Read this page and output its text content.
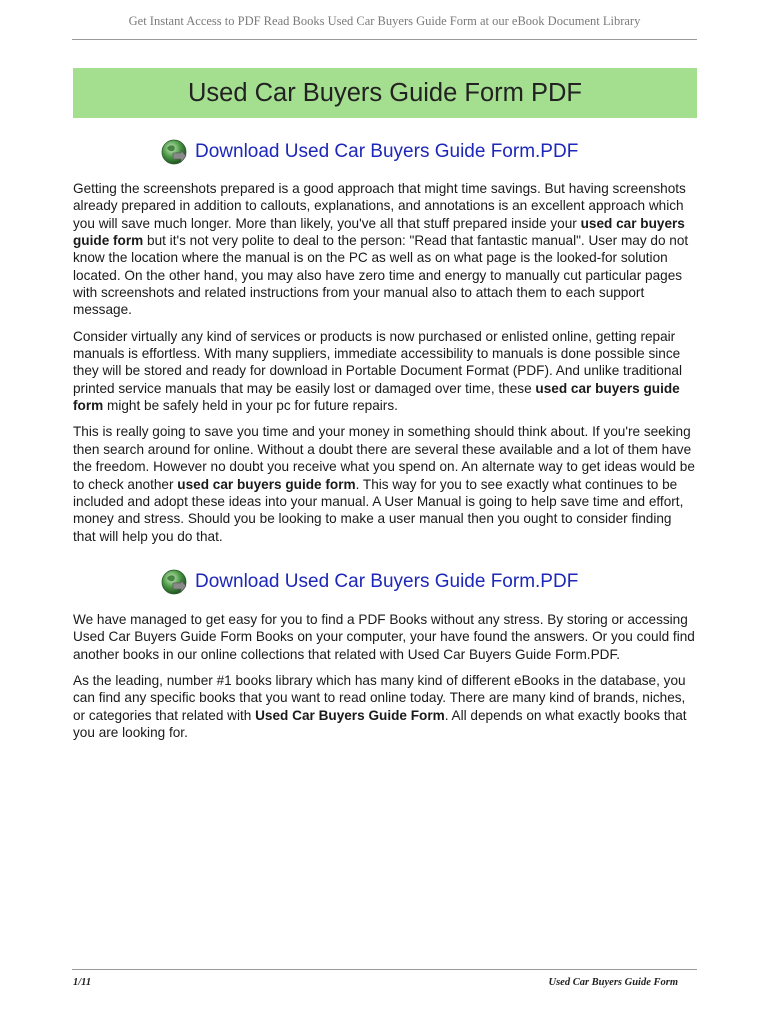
Get Instant Access to PDF Read Books Used Car Buyers Guide Form at our eBook Document Library
Used Car Buyers Guide Form PDF
Download Used Car Buyers Guide Form.PDF

Getting the screenshots prepared is a good approach that might time savings. But having screenshots already prepared in addition to callouts, explanations, and annotations is an excellent approach which you will save much longer. More than likely, you've all that stuff prepared inside your used car buyers guide form but it's not very polite to deal to the person: "Read that fantastic manual". User may do not know the location where the manual is on the PC as well as on what page is the looked-for solution located. On the other hand, you may also have zero time and energy to manually cut particular pages with screenshots and related instructions from your manual also to attach them to each support message.

Consider virtually any kind of services or products is now purchased or enlisted online, getting repair manuals is effortless. With many suppliers, immediate accessibility to manuals is done possible since they will be stored and ready for download in Portable Document Format (PDF). And unlike traditional printed service manuals that may be easily lost or damaged over time, these used car buyers guide form might be safely held in your pc for future repairs.

This is really going to save you time and your money in something should think about. If you're seeking then search around for online. Without a doubt there are several these available and a lot of them have the freedom. However no doubt you receive what you spend on. An alternate way to get ideas would be to check another used car buyers guide form. This way for you to see exactly what continues to be included and adopt these ideas into your manual. A User Manual is going to help save time and effort, money and stress. Should you be looking to make a user manual then you ought to consider finding that will help you do that.

Download Used Car Buyers Guide Form.PDF

We have managed to get easy for you to find a PDF Books without any stress. By storing or accessing Used Car Buyers Guide Form Books on your computer, your have found the answers. Or you could find another books in our online collections that related with Used Car Buyers Guide Form.PDF.

As the leading, number #1 books library which has many kind of different eBooks in the database, you can find any specific books that you want to read online today. There are many kind of brands, niches, or categories that related with Used Car Buyers Guide Form. All depends on what exactly books that you are looking for.

1/11	Used Car Buyers Guide Form
